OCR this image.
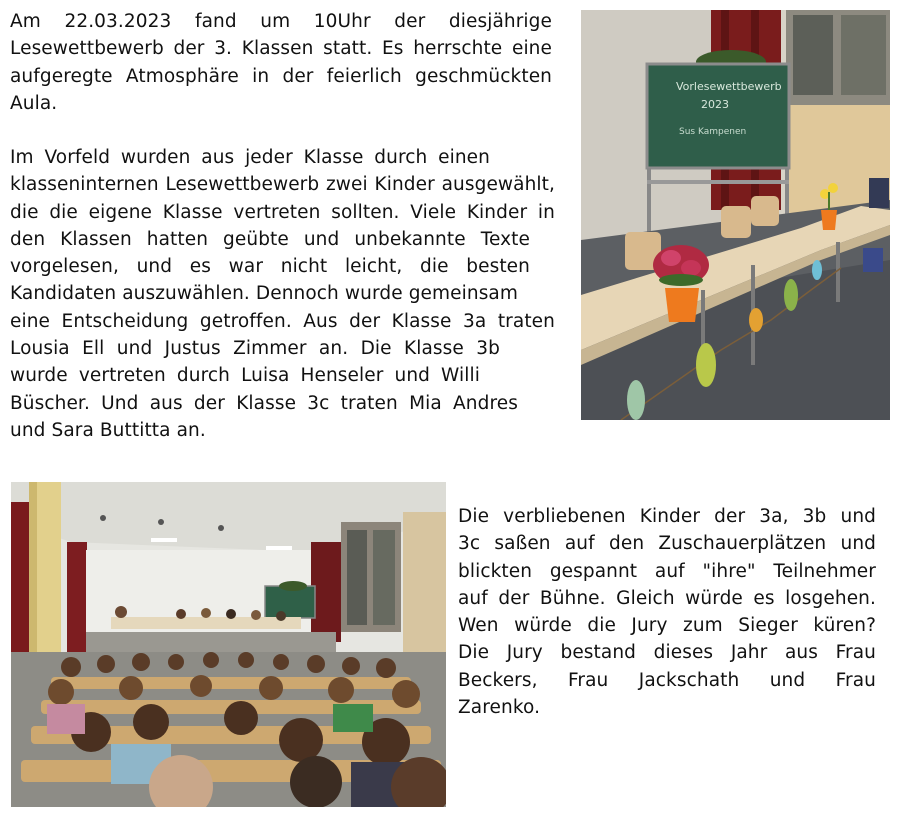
Am 22.03.2023 fand um 10Uhr der diesjährige
Lesewettbewerb der 3. Klassen statt. Es herrschte eine
aufgeregte Atmosphäre in der feierlich geschmückten
Aula.
Im Vorfeld wurden aus jeder Klasse durch einen
klasseninternen Lesewettbewerb zwei Kinder ausgewählt,
die die eigene Klasse vertreten sollten. Viele Kinder in
den Klassen hatten geübte und unbekannte Texte
vorgelesen, und es war nicht leicht, die besten
Kandidaten auszuwählen. Dennoch wurde gemeinsam
eine Entscheidung getroffen. Aus der Klasse 3a traten
Lousia Ell und Justus Zimmer an. Die Klasse 3b
wurde vertreten durch Luisa Henseler und Willi
Büscher. Und aus der Klasse 3c traten Mia Andres
und Sara Buttitta an.
Die verbliebenen Kinder der 3a, 3b und
3c saßen auf den Zuschauerplätzen und
blickten gespannt auf "ihre" Teilnehmer
auf der Bühne. Gleich würde es losgehen.
Wen würde die Jury zum Sieger küren?
Die Jury bestand dieses Jahr aus Frau
Beckers, Frau Jackschath und Frau
Zarenko.
Vorlesewettbewerb
2023
Sus Kampenen
